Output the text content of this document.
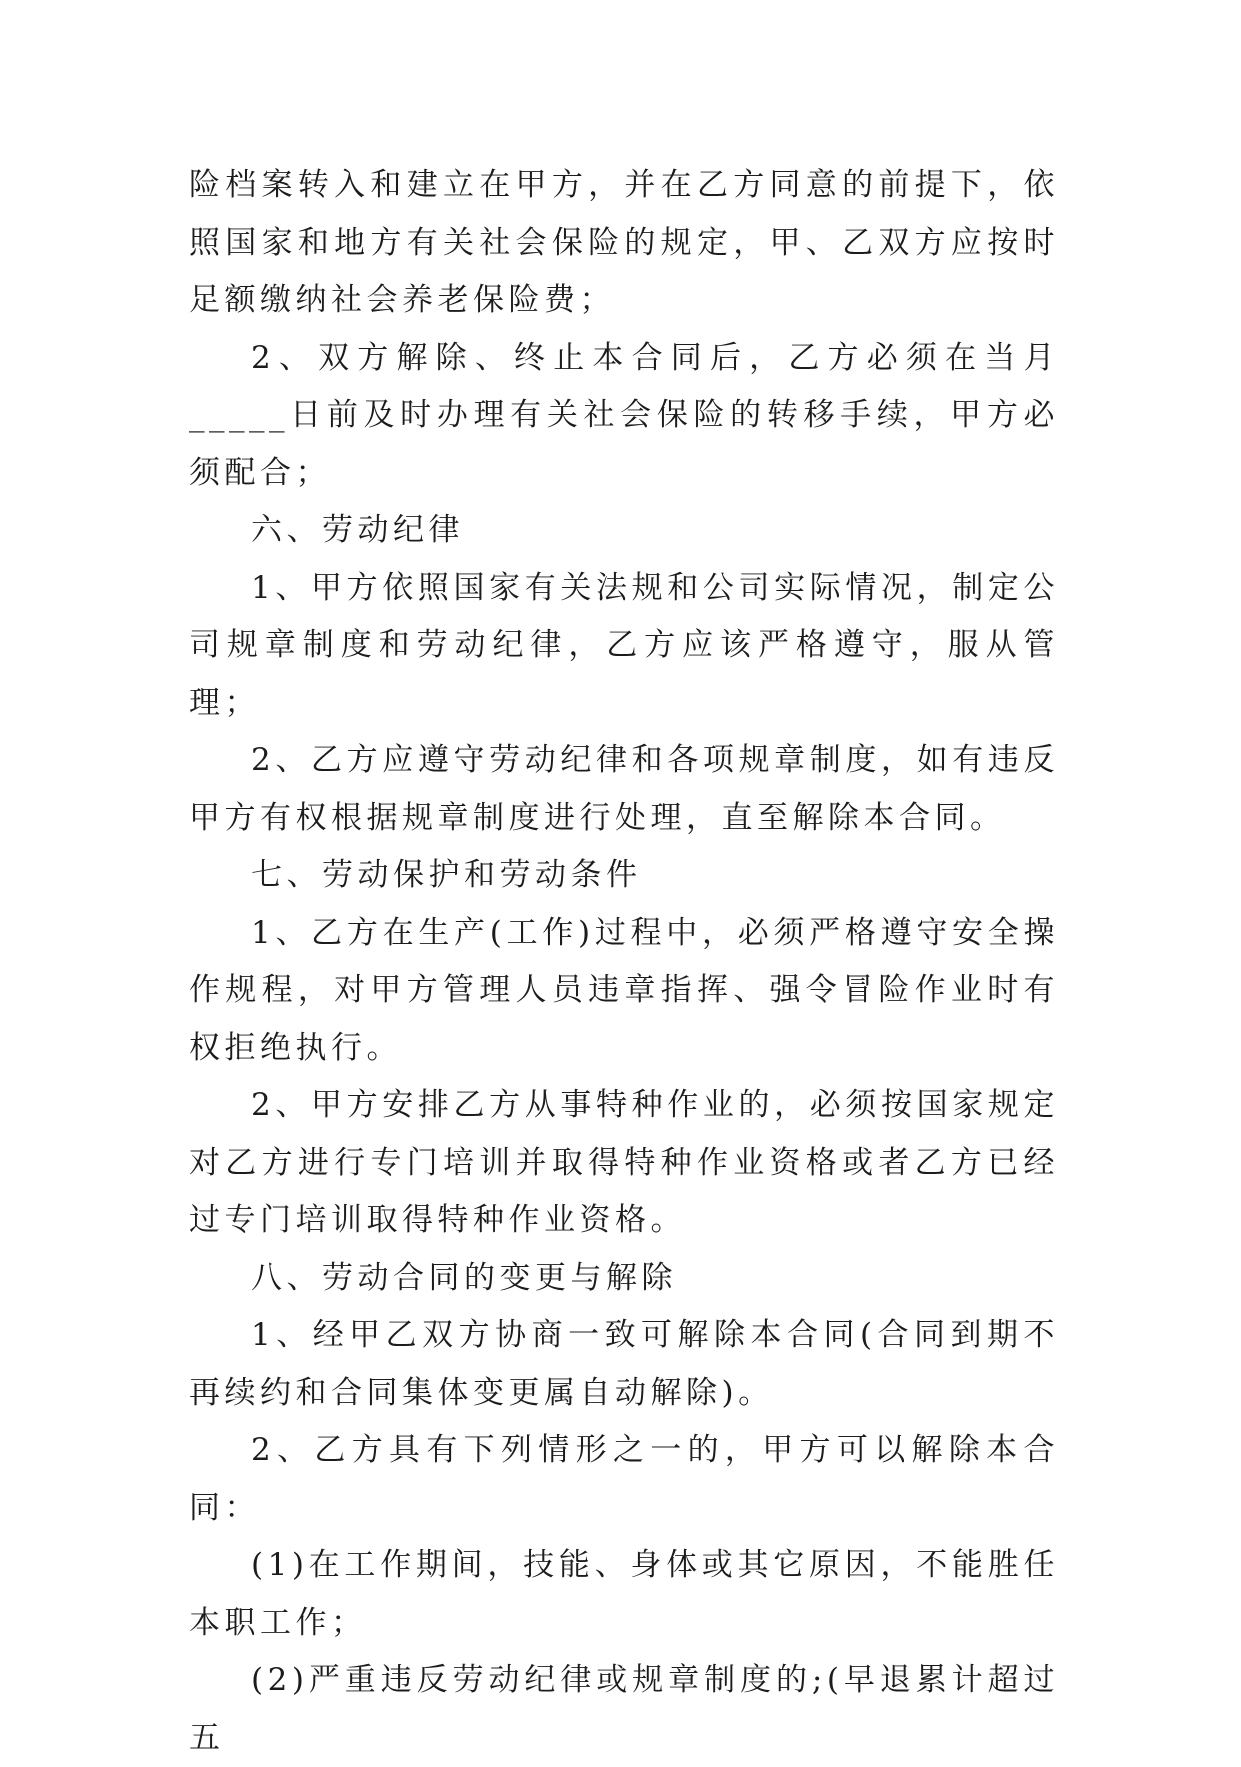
险档案转入和建立在甲方，并在乙方同意的前提下，依照国家和地方有关社会保险的规定，甲、乙双方应按时足额缴纳社会养老保险费；

2、双方解除、终止本合同后，乙方必须在当月_____日前及时办理有关社会保险的转移手续，甲方必须配合；

六、劳动纪律

1、甲方依照国家有关法规和公司实际情况，制定公司规章制度和劳动纪律，乙方应该严格遵守，服从管理；

2、乙方应遵守劳动纪律和各项规章制度，如有违反甲方有权根据规章制度进行处理，直至解除本合同。

七、劳动保护和劳动条件

1、乙方在生产(工作)过程中，必须严格遵守安全操作规程，对甲方管理人员违章指挥、强令冒险作业时有权拒绝执行。

2、甲方安排乙方从事特种作业的，必须按国家规定对乙方进行专门培训并取得特种作业资格或者乙方已经过专门培训取得特种作业资格。

八、劳动合同的变更与解除

1、经甲乙双方协商一致可解除本合同(合同到期不再续约和合同集体变更属自动解除)。

2、乙方具有下列情形之一的，甲方可以解除本合同：

(1)在工作期间，技能、身体或其它原因，不能胜任本职工作；

(2)严重违反劳动纪律或规章制度的;(早退累计超过五
